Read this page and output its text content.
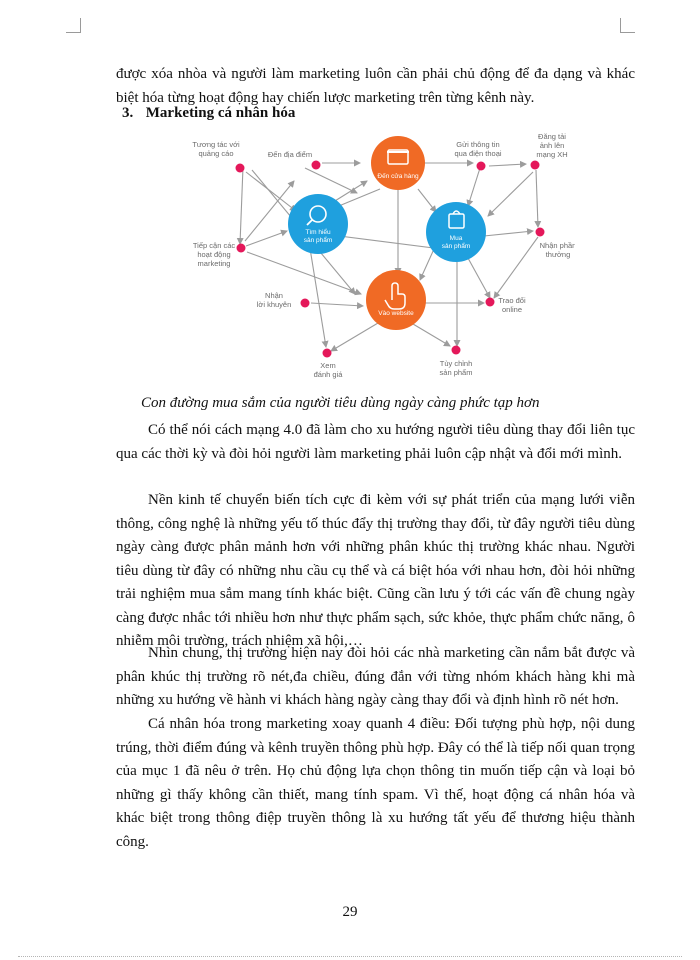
được xóa nhòa và người làm marketing luôn cần phải chủ động để đa dạng và khác biệt hóa từng hoạt động hay chiến lược marketing trên từng kênh này.

3. Marketing cá nhân hóa
Đến cửa hàng
Tìm hiểu
sản phẩm	Mua
sản phẩm
Vào website
Tương tác với
quảng cáo	Đến địa điểm
Gửi thông tin
qua điện thoại
Đăng tải
ảnh lên
mạng XH
Tiếp cận các
hoạt động
marketing
Nhận phần
thưởng
Nhận
lời khuyên	Trao đổi
online
Xem
đánh giá
Tùy chỉnh
sản phẩm
Con đường mua sắm của người tiêu dùng ngày càng phức tạp hơn

Có thể nói cách mạng 4.0 đã làm cho xu hướng người tiêu dùng thay đổi liên tục qua các thời kỳ và đòi hỏi người làm marketing phải luôn cập nhật và đổi mới mình.

Nền kinh tế chuyển biến tích cực đi kèm với sự phát triển của mạng lưới viễn thông, công nghệ là những yếu tố thúc đẩy thị trường thay đổi, từ đây người tiêu dùng ngày càng được phân mảnh hơn với những phân khúc thị trường khác nhau. Người tiêu dùng từ đây có những nhu cầu cụ thể và cá biệt hóa với nhau hơn, đòi hỏi những trải nghiệm mua sắm mang tính khác biệt. Cũng cần lưu ý tới các vấn đề chung ngày càng được nhắc tới nhiều hơn như thực phẩm sạch, sức khỏe, thực phẩm chức năng, ô nhiễm môi trường, trách nhiệm xã hội,…

Nhìn chung, thị trường hiện nay đòi hỏi các nhà marketing cần nắm bắt được và phân khúc thị trường rõ nét,đa chiều, đúng đắn với từng nhóm khách hàng khi mà những xu hướng về hành vi khách hàng ngày càng thay đổi và định hình rõ nét hơn.

Cá nhân hóa trong marketing xoay quanh 4 điều: Đối tượng phù hợp, nội dung trúng, thời điểm đúng và kênh truyền thông phù hợp. Đây có thể là tiếp nối quan trọng của mục 1 đã nêu ở trên. Họ chủ động lựa chọn thông tin muốn tiếp cận và loại bỏ những gì thấy không cần thiết, mang tính spam. Vì thế, hoạt động cá nhân hóa và khác biệt trong thông điệp truyền thông là xu hướng tất yếu để thương hiệu thành công.

29
